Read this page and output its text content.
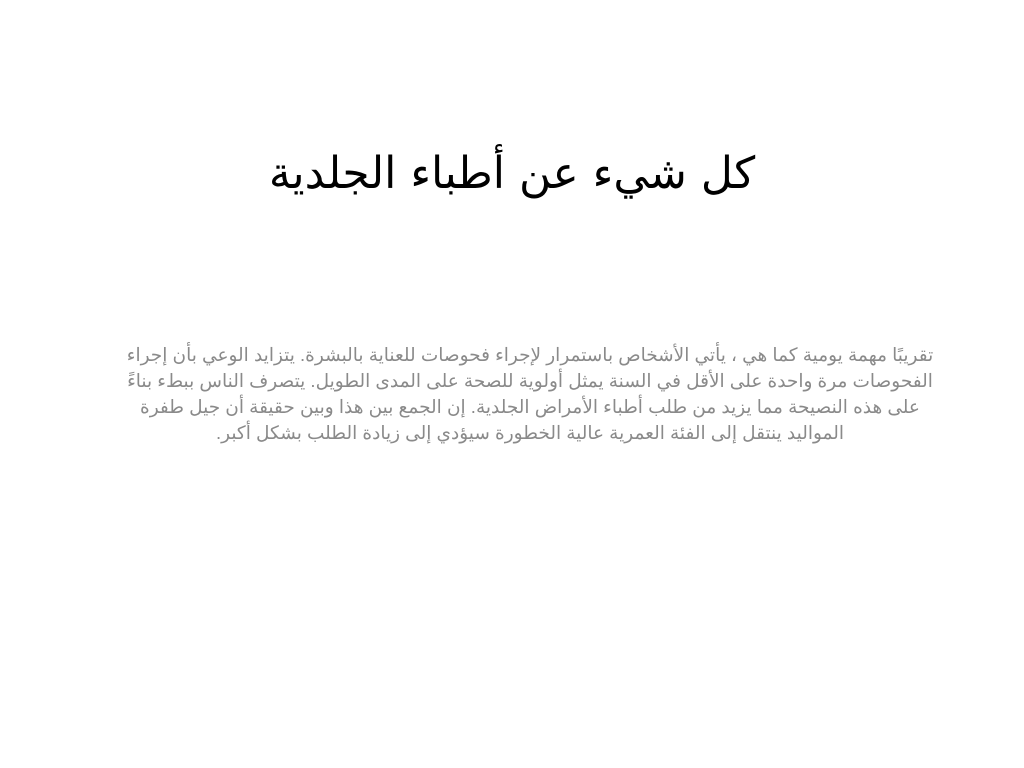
كل شيء عن أطباء الجلدية

تقريبًا مهمة يومية كما هي ، يأتي الأشخاص باستمرار لإجراء فحوصات للعناية بالبشرة. يتزايد الوعي بأن إجراء الفحوصات مرة واحدة على الأقل في السنة يمثل أولوية للصحة على المدى الطويل. يتصرف الناس ببطء بناءً على هذه النصيحة مما يزيد من طلب أطباء الأمراض الجلدية. إن الجمع بين هذا وبين حقيقة أن جيل طفرة المواليد ينتقل إلى الفئة العمرية عالية الخطورة سيؤدي إلى زيادة الطلب بشكل أكبر.
